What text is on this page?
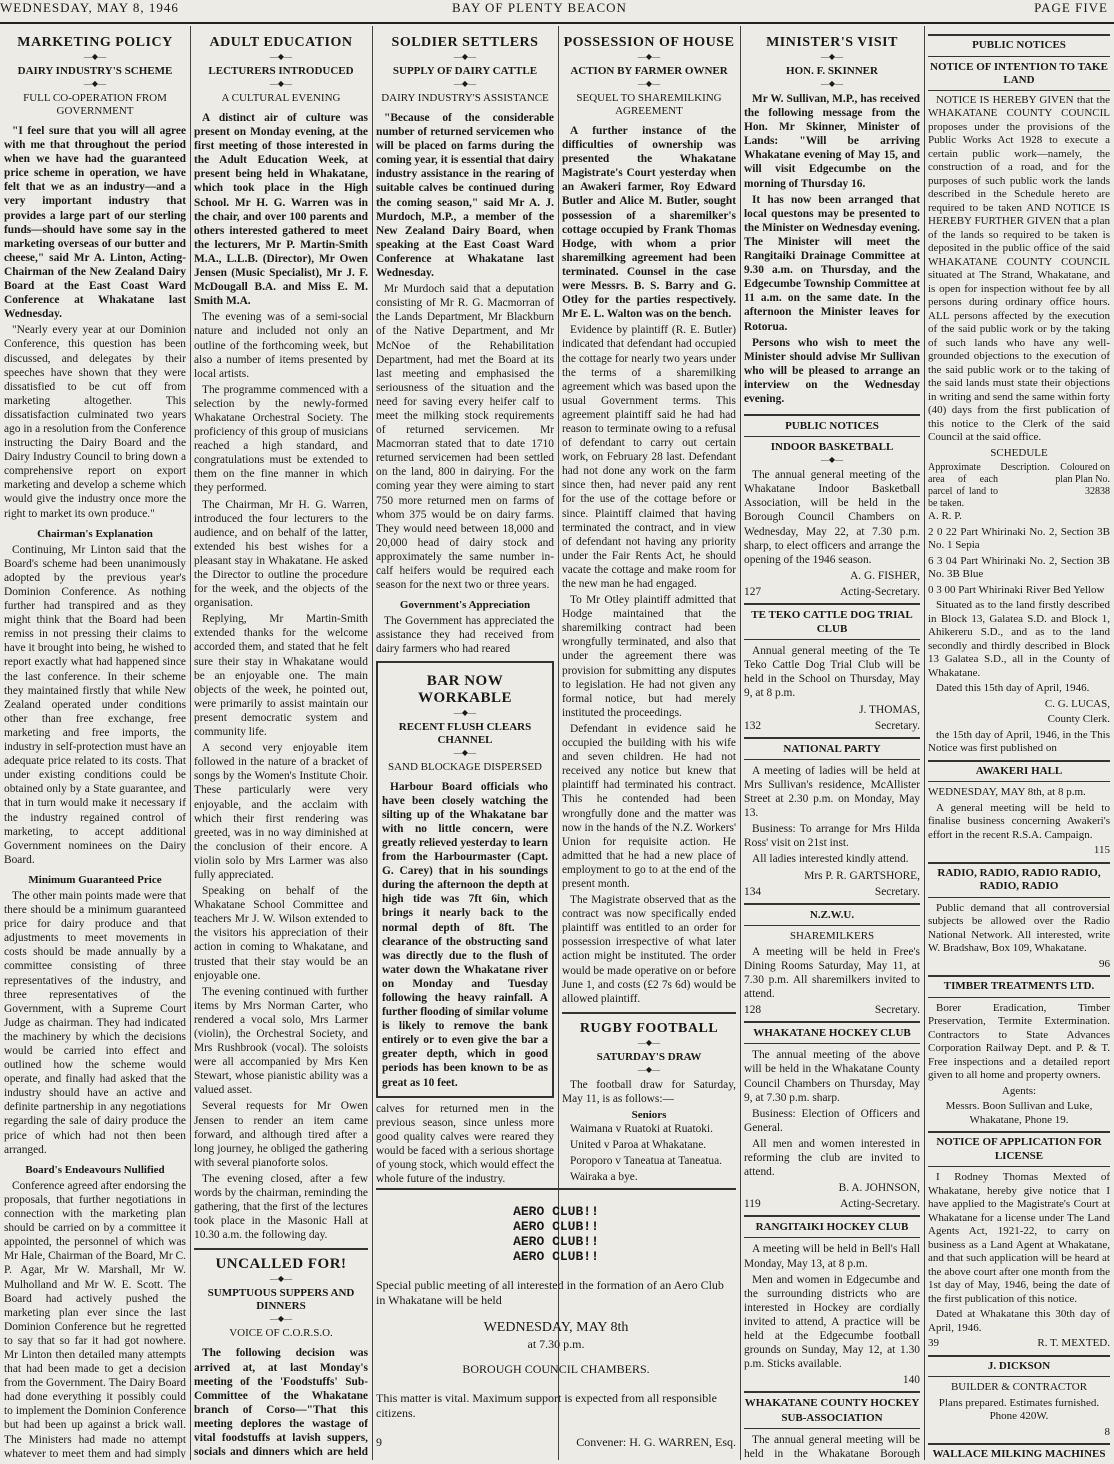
WEDNESDAY, MAY 8, 1946	BAY OF PLENTY BEACON	PAGE FIVE
MARKETING POLICY
—◆—
DAIRY INDUSTRY'S SCHEME
—◆—
FULL CO-OPERATION FROM GOVERNMENT

"I feel sure that you will all agree with me that throughout the period when we have had the guaranteed price scheme in operation, we have felt that we as an industry—and a very important industry that provides a large part of our sterling funds—should have some say in the marketing overseas of our butter and cheese," said Mr A. Linton, Acting-Chairman of the New Zealand Dairy Board at the East Coast Ward Conference at Whakatane last Wednesday.

"Nearly every year at our Dominion Conference, this question has been discussed, and delegates by their speeches have shown that they were dissatisfied to be cut off from marketing altogether. This dissatisfaction culminated two years ago in a resolution from the Conference instructing the Dairy Board and the Dairy Industry Council to bring down a comprehensive report on export marketing and develop a scheme which would give the industry once more the right to market its own produce."

Chairman's Explanation

Continuing, Mr Linton said that the Board's scheme had been unanimously adopted by the previous year's Dominion Conference. As nothing further had transpired and as they might think that the Board had been remiss in not pressing their claims to have it brought into being, he wished to report exactly what had happened since the last conference. In their scheme they maintained firstly that while New Zealand operated under conditions other than free exchange, free marketing and free imports, the industry in self-protection must have an adequate price related to its costs. That under existing conditions could be obtained only by a State guarantee, and that in turn would make it necessary if the industry regained control of marketing, to accept additional Government nominees on the Dairy Board.

Minimum Guaranteed Price

The other main points made were that there should be a minimum guaranteed price for dairy produce and that adjustments to meet movements in costs should be made annually by a committee consisting of three representatives of the industry, and three representatives of the Government, with a Supreme Court Judge as chairman. They had indicated the machinery by which the decisions would be carried into effect and outlined how the scheme would operate, and finally had asked that the industry should have an active and definite partnership in any negotiations regarding the sale of dairy produce the price of which had not then been arranged.

Board's Endeavours Nullified

Conference agreed after endorsing the proposals, that further negotiations in connection with the marketing plan should be carried on by a committee it appointed, the personnel of which was Mr Hale, Chairman of the Board, Mr C. P. Agar, Mr W. Marshall, Mr W. Mulholland and Mr W. E. Scott. The Board had actively pushed the marketing plan ever since the last Dominion Conference but he regretted to say that so far it had got nowhere. Mr Linton then detailed many attempts that had been made to get a decision from the Government. The Dairy Board had done everything it possibly could to implement the Dominion Conference but had been up against a brick wall. The Ministers had made no attempt whatever to meet them and had simply

ADULT EDUCATION
—◆—
LECTURERS INTRODUCED
—◆—
A CULTURAL EVENING

A distinct air of culture was present on Monday evening, at the first meeting of those interested in the Adult Education Week, at present being held in Whakatane, which took place in the High School. Mr H. G. Warren was in the chair, and over 100 parents and others interested gathered to meet the lecturers, Mr P. Martin-Smith M.A., L.L.B. (Director), Mr Owen Jensen (Music Specialist), Mr J. F. McDougall B.A. and Miss E. M. Smith M.A.

The evening was of a semi-social nature and included not only an outline of the forthcoming week, but also a number of items presented by local artists.

The programme commenced with a selection by the newly-formed Whakatane Orchestral Society. The proficiency of this group of musicians reached a high standard, and congratulations must be extended to them on the fine manner in which they performed.

The Chairman, Mr H. G. Warren, introduced the four lecturers to the audience, and on behalf of the latter, extended his best wishes for a pleasant stay in Whakatane. He asked the Director to outline the procedure for the week, and the objects of the organisation.

Replying, Mr Martin-Smith extended thanks for the welcome accorded them, and stated that he felt sure their stay in Whakatane would be an enjoyable one. The main objects of the week, he pointed out, were primarily to assist maintain our present democratic system and community life.

A second very enjoyable item followed in the nature of a bracket of songs by the Women's Institute Choir. These particularly were very enjoyable, and the acclaim with which their first rendering was greeted, was in no way diminished at the conclusion of their encore. A violin solo by Mrs Larmer was also fully appreciated.

Speaking on behalf of the Whakatane School Committee and teachers Mr J. W. Wilson extended to the visitors his appreciation of their action in coming to Whakatane, and trusted that their stay would be an enjoyable one.

The evening continued with further items by Mrs Norman Carter, who rendered a vocal solo, Mrs Larmer (violin), the Orchestral Society, and Mrs Rushbrook (vocal). The soloists were all accompanied by Mrs Ken Stewart, whose pianistic ability was a valued asset.

Several requests for Mr Owen Jensen to render an item came forward, and although tired after a long journey, he obliged the gathering with several pianoforte solos.

The evening closed, after a few words by the chairman, reminding the gathering, that the first of the lectures took place in the Masonic Hall at 10.30 a.m. the following day.

UNCALLED FOR!
—◆—
SUMPTUOUS SUPPERS AND DINNERS
—◆—
VOICE OF C.O.R.S.O.

The following decision was arrived at, at last Monday's meeting of the 'Foodstuffs' Sub-Committee of the Whakatane branch of Corso—"That this meeting deplores the wastage of vital foodstuffs at lavish suppers, socials and dinners which are held

SOLDIER SETTLERS
—◆—
SUPPLY OF DAIRY CATTLE
—◆—
DAIRY INDUSTRY'S ASSISTANCE

"Because of the considerable number of returned servicemen who will be placed on farms during the coming year, it is essential that dairy industry assistance in the rearing of suitable calves be continued during the coming season," said Mr A. J. Murdoch, M.P., a member of the New Zealand Dairy Board, when speaking at the East Coast Ward Conference at Whakatane last Wednesday.

Mr Murdoch said that a deputation consisting of Mr R. G. Macmorran of the Lands Department, Mr Blackburn of the Native Department, and Mr McNoe of the Rehabilitation Department, had met the Board at its last meeting and emphasised the seriousness of the situation and the need for saving every heifer calf to meet the milking stock requirements of returned servicemen. Mr Macmorran stated that to date 1710 returned servicemen had been settled on the land, 800 in dairying. For the coming year they were aiming to start 750 more returned men on farms of whom 375 would be on dairy farms. They would need between 18,000 and 20,000 head of dairy stock and approximately the same number in-calf heifers would be required each season for the next two or three years.

Government's Appreciation

The Government has appreciated the assistance they had received from dairy farmers who had reared

BAR NOW WORKABLE
—◆—
RECENT FLUSH CLEARS CHANNEL
—◆—
SAND BLOCKAGE DISPERSED

Harbour Board officials who have been closely watching the silting up of the Whakatane bar with no little concern, were greatly relieved yesterday to learn from the Harbourmaster (Capt. G. Carey) that in his soundings during the afternoon the depth at high tide was 7ft 6in, which brings it nearly back to the normal depth of 8ft. The clearance of the obstructing sand was directly due to the flush of water down the Whakatane river on Monday and Tuesday following the heavy rainfall. A further flooding of similar volume is likely to remove the bank entirely or to even give the bar a greater depth, which in good periods has been known to be as great as 10 feet.

calves for returned men in the previous season, since unless more good quality calves were reared they would be faced with a serious shortage of young stock, which would effect the whole future of the industry.

POSSESSION OF HOUSE
—◆—
ACTION BY FARMER OWNER
—◆—
SEQUEL TO SHAREMILKING AGREEMENT

A further instance of the difficulties of ownership was presented the Whakatane Magistrate's Court yesterday when an Awakeri farmer, Roy Edward Butler and Alice M. Butler, sought possession of a sharemilker's cottage occupied by Frank Thomas Hodge, with whom a prior sharemilking agreement had been terminated. Counsel in the case were Messrs. B. S. Barry and G. Otley for the parties respectively. Mr E. L. Walton was on the bench.

Evidence by plaintiff (R. E. Butler) indicated that defendant had occupied the cottage for nearly two years under the terms of a sharemilking agreement which was based upon the usual Government terms. This agreement plaintiff said he had had reason to terminate owing to a refusal of defendant to carry out certain work, on February 28 last. Defendant had not done any work on the farm since then, had never paid any rent for the use of the cottage before or since. Plaintiff claimed that having terminated the contract, and in view of defendant not having any priority under the Fair Rents Act, he should vacate the cottage and make room for the new man he had engaged.

To Mr Otley plaintiff admitted that Hodge maintained that the sharemilking contract had been wrongfully terminated, and also that under the agreement there was provision for submitting any disputes to legislation. He had not given any formal notice, but had merely instituted the proceedings.

Defendant in evidence said he occupied the building with his wife and seven children. He had not received any notice but knew that plaintiff had terminated his contract. This he contended had been wrongfully done and the matter was now in the hands of the N.Z. Workers' Union for requisite action. He admitted that he had a new place of employment to go to at the end of the present month.

The Magistrate observed that as the contract was now specifically ended plaintiff was entitled to an order for possession irrespective of what later action might be instituted. The order would be made operative on or before June 1, and costs (£2 7s 6d) would be allowed plaintiff.

RUGBY FOOTBALL
—◆—
SATURDAY'S DRAW
—◆—

The football draw for Saturday, May 11, is as follows:—

Seniors

Waimana v Ruatoki at Ruatoki.

United v Paroa at Whakatane.

Poroporo v Taneatua at Taneatua.

Wairaka a bye.

AERO CLUB!!
AERO CLUB!!
AERO CLUB!!
AERO CLUB!!
Special public meeting of all interested in the formation of an Aero Club in Whakatane will be held
WEDNESDAY, MAY 8th
at 7.30 p.m.
BOROUGH COUNCIL CHAMBERS.
This matter is vital. Maximum support is expected from all responsible citizens.
9	Convener: H. G. WARREN, Esq.
MINISTER'S VISIT
—◆—
HON. F. SKINNER
—◆—

Mr W. Sullivan, M.P., has received the following message from the Hon. Mr Skinner, Minister of Lands: "Will be arriving Whakatane evening of May 15, and will visit Edgecumbe on the morning of Thursday 16.

It has now been arranged that local questons may be presented to the Minister on Wednesday evening. The Minister will meet the Rangitaiki Drainage Committee at 9.30 a.m. on Thursday, and the Edgecumbe Township Committee at 11 a.m. on the same date. In the afternoon the Minister leaves for Rotorua.

Persons who wish to meet the Minister should advise Mr Sullivan who will be pleased to arrange an interview on the Wednesday evening.

PUBLIC NOTICES
INDOOR BASKETBALL
—◆—

The annual general meeting of the Whakatane Indoor Basketball Association, will be held in the Borough Council Chambers on Wednesday, May 22, at 7.30 p.m. sharp, to elect officers and arrange the opening of the 1946 season.

A. G. FISHER,

127	Acting-Secretary.

TE TEKO CATTLE DOG TRIAL CLUB

Annual general meeting of the Te Teko Cattle Dog Trial Club will be held in the School on Thursday, May 9, at 8 p.m.

J. THOMAS,

132	Secretary.

NATIONAL PARTY

A meeting of ladies will be held at Mrs Sullivan's residence, McAllister Street at 2.30 p.m. on Monday, May 13.

Business: To arrange for Mrs Hilda Ross' visit on 21st inst.

All ladies interested kindly attend.

Mrs P. R. GARTSHORE,

134	Secretary.

N.Z.W.U.
SHAREMILKERS

A meeting will be held in Free's Dining Rooms Saturday, May 11, at 7.30 p.m. All sharemilkers invited to attend.

128	Secretary.

WHAKATANE HOCKEY CLUB

The annual meeting of the above will be held in the Whakatane County Council Chambers on Thursday, May 9, at 7.30 p.m. sharp.

Business: Election of Officers and General.

All men and women interested in reforming the club are invited to attend.

B. A. JOHNSON,

119	Acting-Secretary.

RANGITAIKI HOCKEY CLUB

A meeting will be held in Bell's Hall Monday, May 13, at 8 p.m.

Men and women in Edgecumbe and the surrounding districts who are interested in Hockey are cordially invited to attend, A practice will be held at the Edgecumbe football grounds on Sunday, May 12, at 1.30 p.m. Sticks available.

140

WHAKATANE COUNTY HOCKEY SUB-ASSOCIATION

The annual general meeting will be held in the Whakatane Borough

PUBLIC NOTICES
NOTICE OF INTENTION TO TAKE LAND

NOTICE IS HEREBY GIVEN that the WHAKATANE COUNTY COUNCIL proposes under the provisions of the Public Works Act 1928 to execute a certain public work—namely, the construction of a road, and for the purposes of such public work the lands described in the Schedule hereto are required to be taken AND NOTICE IS HEREBY FURTHER GIVEN that a plan of the lands so required to be taken is deposited in the public office of the said WHAKATANE COUNTY COUNCIL situated at The Strand, Whakatane, and is open for inspection without fee by all persons during ordinary office hours. ALL persons affected by the execution of the said public work or by the taking of such lands who have any well-grounded objections to the execution of the said public work or to the taking of the said lands must state their objections in writing and send the same within forty (40) days from the first publication of this notice to the Clerk of the said Council at the said office.

SCHEDULE

Approximate area of each parcel of land to be taken.
Description.	Coloured on plan Plan No. 32838

A. R. P.

2 0 22 Part Whirinaki No. 2, Section 3B No. 1 Sepia

6 3 04 Part Whirinaki No. 2, Section 3B No. 3B Blue

0 3 00 Part Whirinaki River Bed Yellow

Situated as to the land firstly described in Block 13, Galatea S.D. and Block 1, Ahikereru S.D., and as to the land secondly and thirdly described in Block 13 Galatea S.D., all in the County of Whakatane.

Dated this 15th day of April, 1946.

C. G. LUCAS,

County Clerk.

the 15th day of April, 1946, in the This Notice was first published on

AWAKERI HALL

WEDNESDAY, MAY 8th, at 8 p.m.

A general meeting will be held to finalise business concerning Awakeri's effort in the recent R.S.A. Campaign.

115

RADIO, RADIO, RADIO RADIO, RADIO, RADIO

Public demand that all controversial subjects be allowed over the Radio National Network. All interested, write W. Bradshaw, Box 109, Whakatane.

96

TIMBER TREATMENTS LTD.

Borer Eradication, Timber Preservation, Termite Extermination. Contractors to State Advances Corporation Railway Dept. and P. & T. Free inspections and a detailed report given to all home and property owners.

Agents:

Messrs. Boon Sullivan and Luke, Whakatane, Phone 19.

NOTICE OF APPLICATION FOR LICENSE

I Rodney Thomas Mexted of Whakatane, hereby give notice that I have applied to the Magistrate's Court at Whakatane for a license under The Land Agents Act, 1921-22, to carry on business as a Land Agent at Whakatane, and that such application will be heard at the above court after one month from the 1st day of May, 1946, being the date of the first publication of this notice.

Dated at Whakatane this 30th day of April, 1946.

39	R. T. MEXTED.

J. DICKSON

BUILDER & CONTRACTOR

Plans prepared. Estimates furnished. Phone 420W.

8

WALLACE MILKING MACHINES
